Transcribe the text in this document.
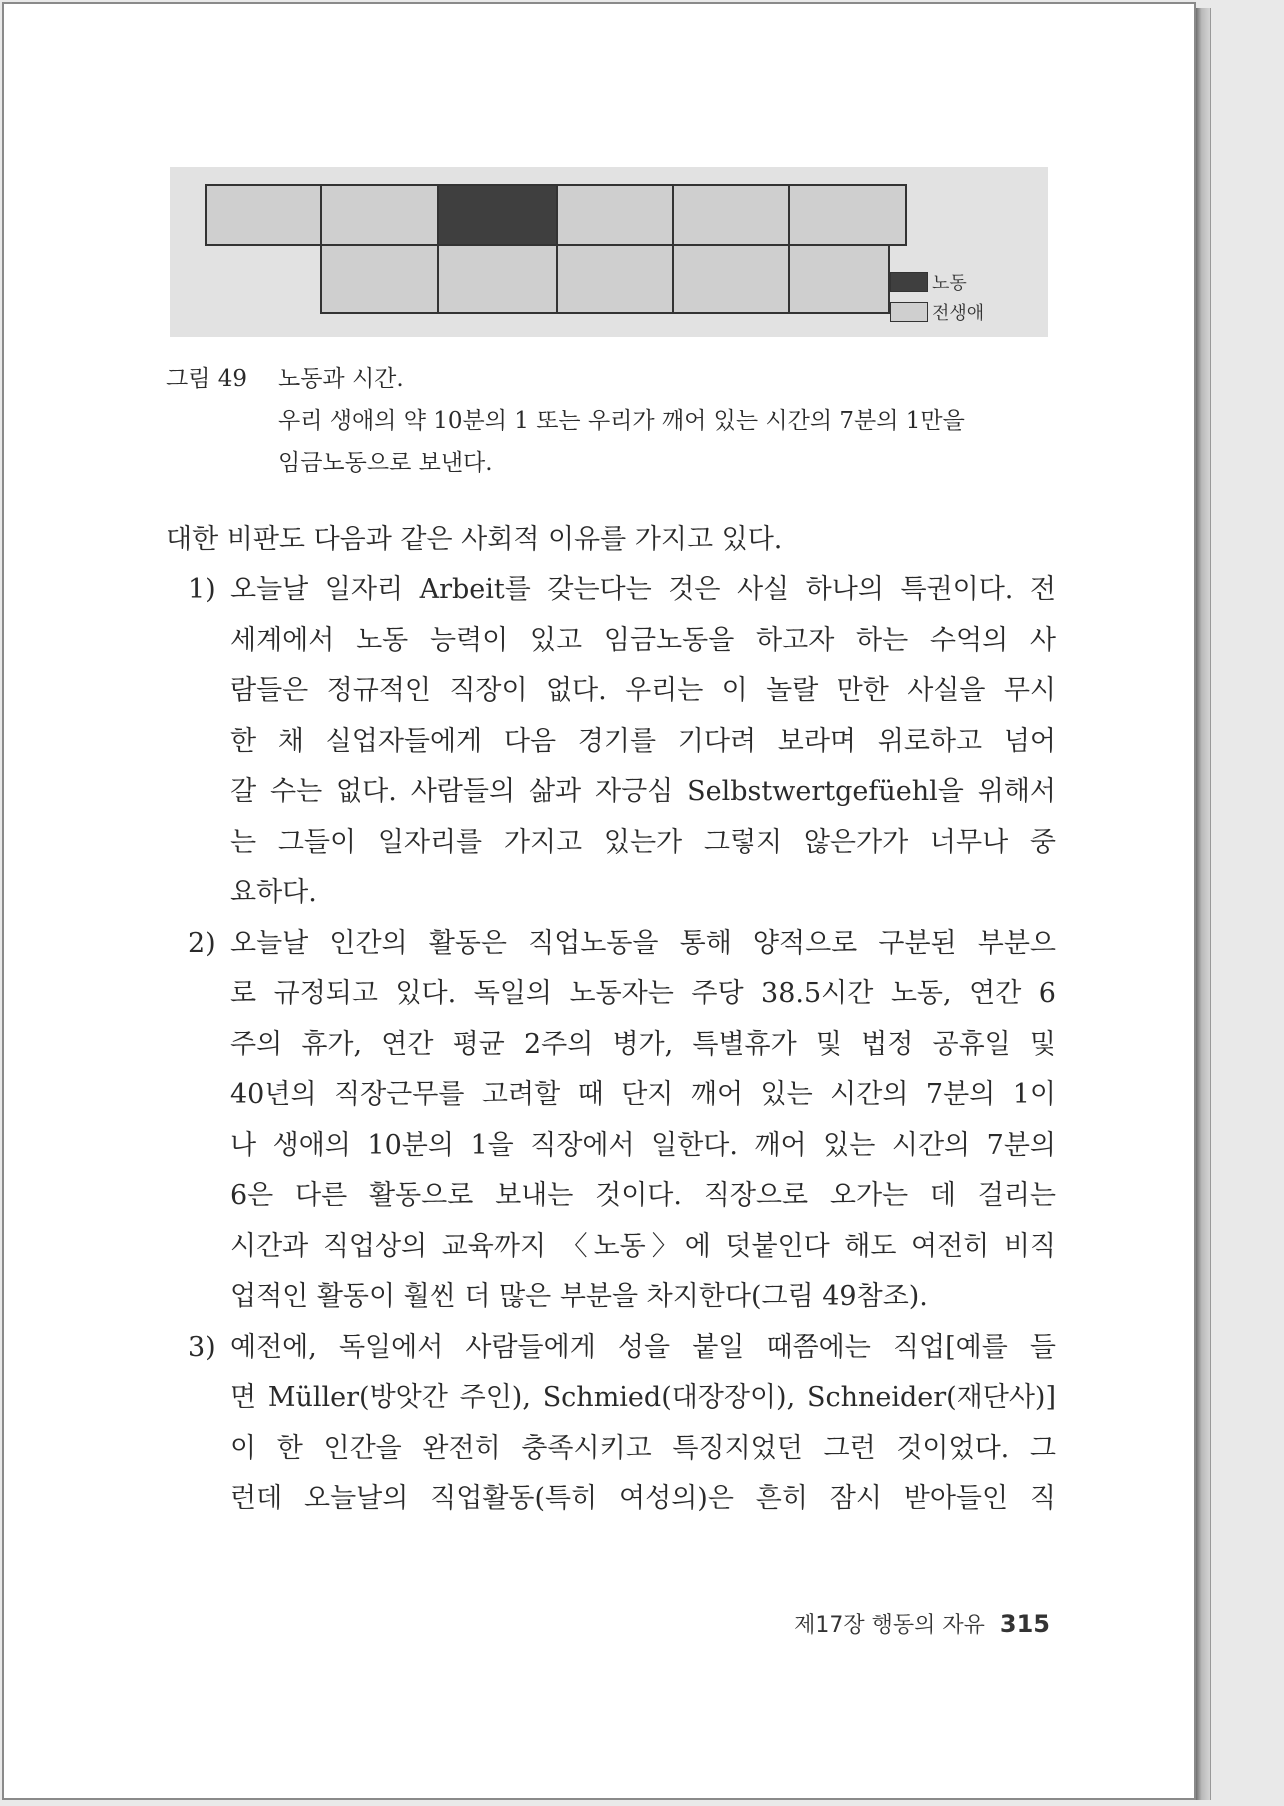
노동
전생애
그림 49 노동과 시간.
우리 생애의 약 10분의 1 또는 우리가 깨어 있는 시간의 7분의 1만을
임금노동으로 보낸다.
대한 비판도 다음과 같은 사회적 이유를 가지고 있다.
1) 오늘날 일자리 Arbeit를 갖는다는 것은 사실 하나의 특권이다. 전
세계에서 노동 능력이 있고 임금노동을 하고자 하는 수억의 사
람들은 정규적인 직장이 없다. 우리는 이 놀랄 만한 사실을 무시
한 채 실업자들에게 다음 경기를 기다려 보라며 위로하고 넘어
갈 수는 없다. 사람들의 삶과 자긍심 Selbstwertgefüehl을 위해서
는 그들이 일자리를 가지고 있는가 그렇지 않은가가 너무나 중
요하다.
2) 오늘날 인간의 활동은 직업노동을 통해 양적으로 구분된 부분으
로 규정되고 있다. 독일의 노동자는 주당 38.5시간 노동, 연간 6
주의 휴가, 연간 평균 2주의 병가, 특별휴가 및 법정 공휴일 및
40년의 직장근무를 고려할 때 단지 깨어 있는 시간의 7분의 1이
나 생애의 10분의 1을 직장에서 일한다. 깨어 있는 시간의 7분의
6은 다른 활동으로 보내는 것이다. 직장으로 오가는 데 걸리는
시간과 직업상의 교육까지 〈노동〉에 덧붙인다 해도 여전히 비직
업적인 활동이 훨씬 더 많은 부분을 차지한다(그림 49참조).
3) 예전에, 독일에서 사람들에게 성을 붙일 때쯤에는 직업[예를 들
면 Müller(방앗간 주인), Schmied(대장장이), Schneider(재단사)]
이 한 인간을 완전히 충족시키고 특징지었던 그런 것이었다. 그
런데 오늘날의 직업활동(특히 여성의)은 흔히 잠시 받아들인 직
제17장 행동의 자유 315
